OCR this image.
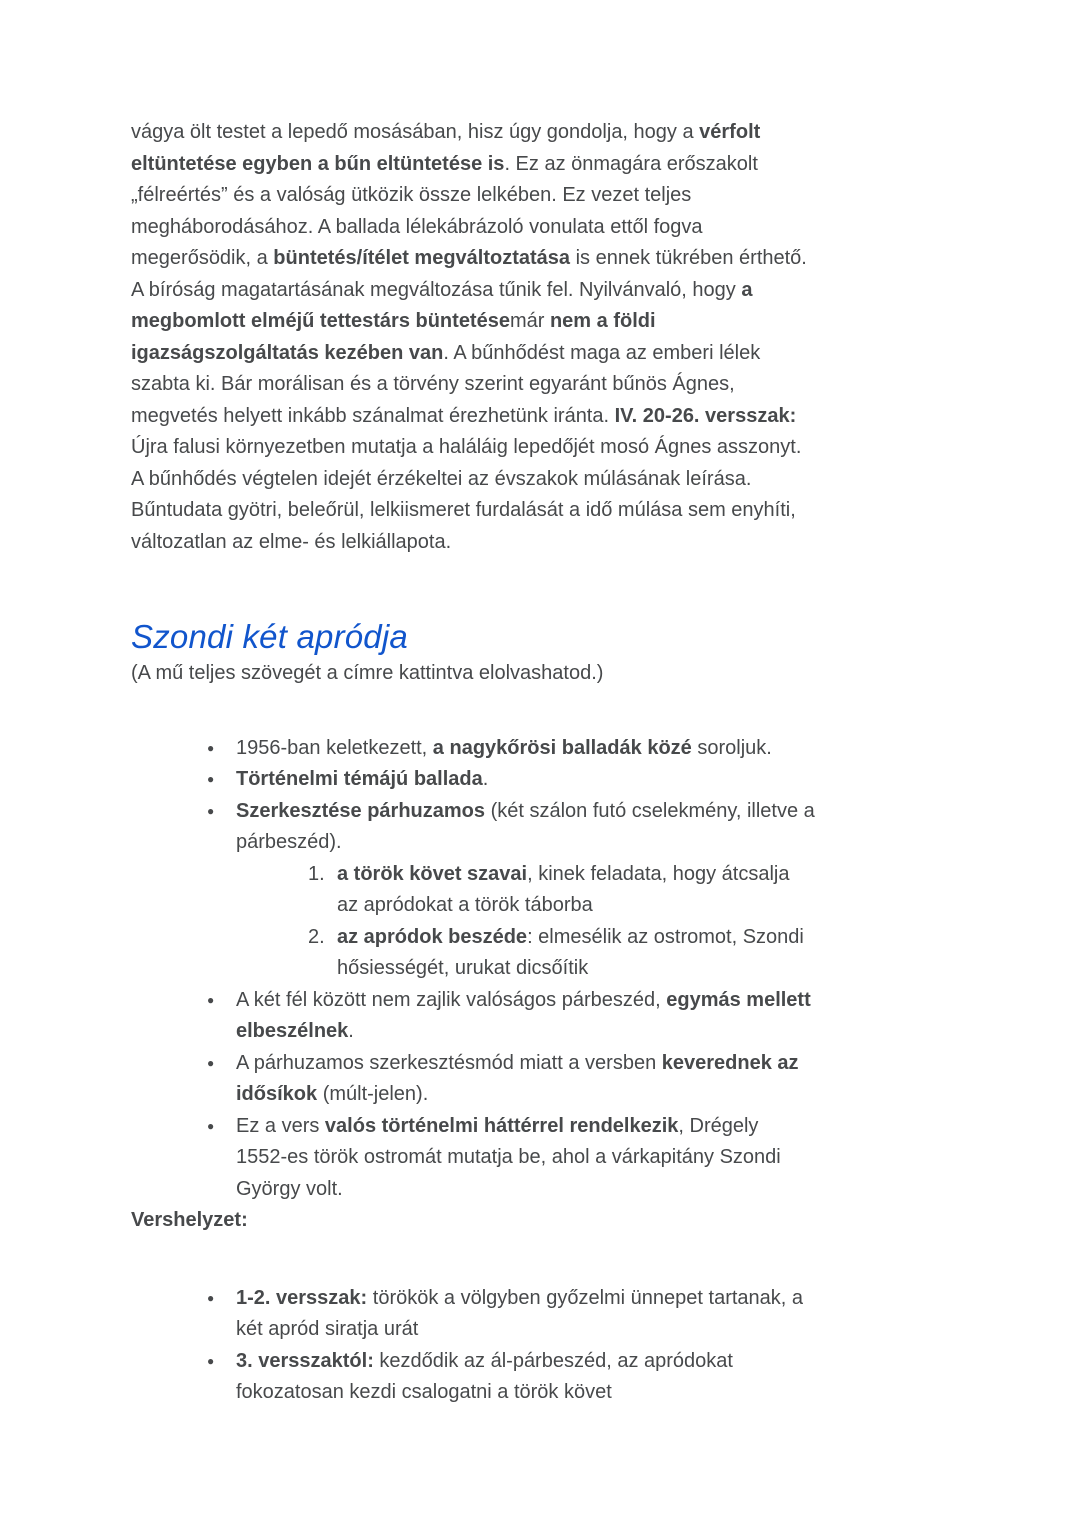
vágya ölt testet a lepedő mosásában, hisz úgy gondolja, hogy a vérfolt eltüntetése egyben a bűn eltüntetése is. Ez az önmagára erőszakolt „félreértés” és a valóság ütközik össze lelkében. Ez vezet teljes megháborodásához. A ballada lélekábrázoló vonulata ettől fogva megerősödik, a büntetés/ítélet megváltoztatása is ennek tükrében érthető. A bíróság magatartásának megváltozása tűnik fel. Nyilvánvaló, hogy a megbomlott elméjű tettestárs büntetésemár nem a földi igazságszolgáltatás kezében van. A bűnhődést maga az emberi lélek szabta ki. Bár morálisan és a törvény szerint egyaránt bűnös Ágnes, megvetés helyett inkább szánalmat érezhetünk iránta. IV. 20-26. versszak: Újra falusi környezetben mutatja a haláláig lepedőjét mosó Ágnes asszonyt. A bűnhődés végtelen idejét érzékeltei az évszakok múlásának leírása. Bűntudata gyötri, beleőrül, lelkiismeret furdalását a idő múlása sem enyhíti, változatlan az elme- és lelkiállapota.

Szondi két apródja

(A mű teljes szövegét a címre kattintva elolvashatod.)

● 1956-ban keletkezett, a nagykőrösi balladák közé soroljuk.
● Történelmi témájú ballada.
● Szerkesztése párhuzamos (két szálon futó cselekmény, illetve a párbeszéd).
a török követ szavai, kinek feladata, hogy átcsalja az apródokat a török táborba
az apródok beszéde: elmesélik az ostromot, Szondi hősiességét, urukat dicsőítik
● A két fél között nem zajlik valóságos párbeszéd, egymás mellett elbeszélnek.
● A párhuzamos szerkesztésmód miatt a versben keverednek az idősíkok (múlt-jelen).
● Ez a vers valós történelmi háttérrel rendelkezik, Drégely 1552-es török ostromát mutatja be, ahol a várkapitány Szondi György volt.

Vershelyzet:

● 1-2. versszak: törökök a völgyben győzelmi ünnepet tartanak, a két apród siratja urát
● 3. versszaktól: kezdődik az ál-párbeszéd, az apródokat fokozatosan kezdi csalogatni a török követ
